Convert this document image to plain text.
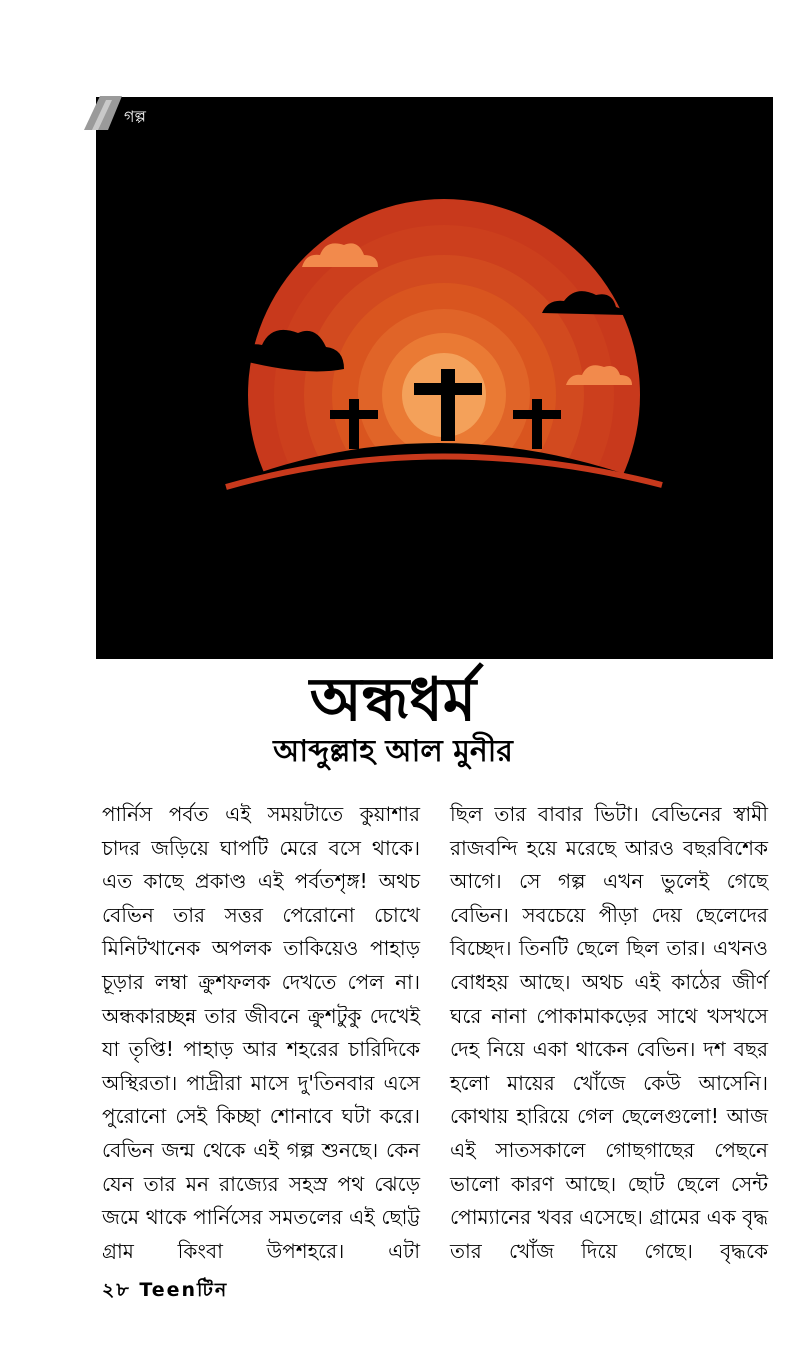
গল্প
অন্ধধর্ম
আব্দুল্লাহ আল মুনীর

পার্নিস পর্বত এই সময়টাতে কুয়াশার চাদর জড়িয়ে ঘাপটি মেরে বসে থাকে। এত কাছে প্রকাণ্ড এই পর্বতশৃঙ্গ! অথচ বেভিন তার সত্তর পেরোনো চোখে মিনিটখানেক অপলক তাকিয়েও পাহাড় চূড়ার লম্বা ক্রুশফলক দেখতে পেল না। অন্ধকারচ্ছন্ন তার জীবনে ক্রুশটুকু দেখেই যা তৃপ্তি! পাহাড় আর শহরের চারিদিকে অস্থিরতা। পাদ্রীরা মাসে দু'তিনবার এসে পুরোনো সেই কিচ্ছা শোনাবে ঘটা করে। বেভিন জন্ম থেকে এই গল্প শুনছে। কেন যেন তার মন রাজ্যের সহস্র পথ ঝেড়ে জমে থাকে পার্নিসের সমতলের এই ছোট্ট গ্রাম কিংবা উপশহরে। এটা

ছিল তার বাবার ভিটা। বেভিনের স্বামী রাজবন্দি হয়ে মরেছে আরও বছরবিশেক আগে। সে গল্প এখন ভুলেই গেছে বেভিন। সবচেয়ে পীড়া দেয় ছেলেদের বিচ্ছেদ। তিনটি ছেলে ছিল তার। এখনও বোধহয় আছে। অথচ এই কাঠের জীর্ণ ঘরে নানা পোকামাকড়ের সাথে খসখসে দেহ নিয়ে একা থাকেন বেভিন। দশ বছর হলো মায়ের খোঁজে কেউ আসেনি। কোথায় হারিয়ে গেল ছেলেগুলো! আজ এই সাতসকালে গোছগাছের পেছনে ভালো কারণ আছে। ছোট ছেলে সেন্ট পোম্যানের খবর এসেছে। গ্রামের এক বৃদ্ধ তার খোঁজ দিয়ে গেছে। বৃদ্ধকে

২৮ Teenটিন
